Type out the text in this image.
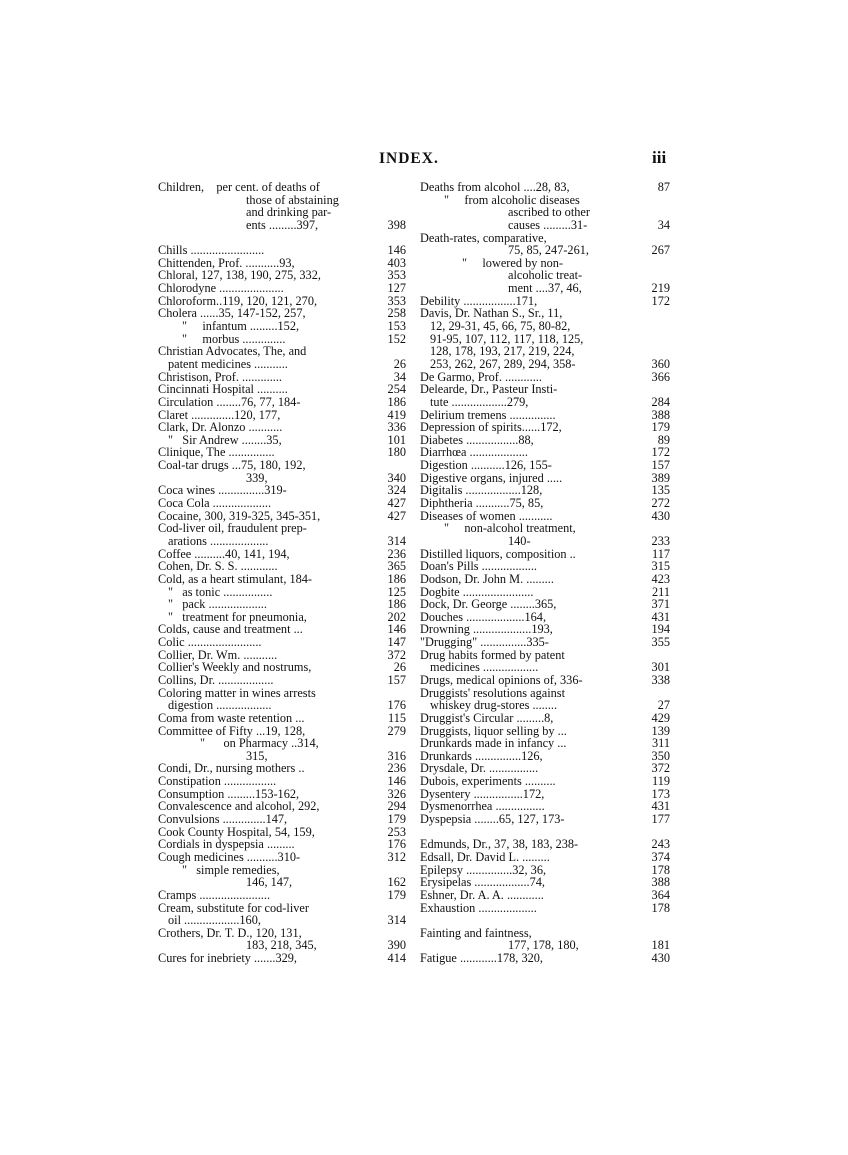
INDEX.	iii
Children,    per cent. of deaths of
those of abstaining
and drinking par-
ents .........397,	398
Chills ........................	146
Chittenden, Prof. ...........93,	403
Chloral, 127, 138, 190, 275, 332,	353
Chlorodyne .....................	127
Chloroform..119, 120, 121, 270,	353
Cholera ......35, 147-152, 257,	258
"     infantum .........152,	153
"     morbus ..............	152
Christian Advocates, The, and
patent medicines ...........	26
Christison, Prof. .............	34
Cincinnati Hospital ..........	254
Circulation ........76, 77, 184-	186
Claret ..............120, 177,	419
Clark, Dr. Alonzo ...........	336
"   Sir Andrew ........35,	101
Clinique, The ...............	180
Coal-tar drugs ...75, 180, 192,
339,	340
Coca wines ...............319-	324
Coca Cola ...................	427
Cocaine, 300, 319-325, 345-351,	427
Cod-liver oil, fraudulent prep-
arations ...................	314
Coffee ..........40, 141, 194,	236
Cohen, Dr. S. S. ............	365
Cold, as a heart stimulant, 184-	186
"   as tonic ................	125
"   pack ...................	186
"   treatment for pneumonia,	202
Colds, cause and treatment ...	146
Colic ........................	147
Collier, Dr. Wm. ...........	372
Collier's Weekly and nostrums,	26
Collins, Dr. ..................	157
Coloring matter in wines arrests
digestion ..................	176
Coma from waste retention ...	115
Committee of Fifty ...19, 128,	279
"      on Pharmacy ..314,
315,	316
Condi, Dr., nursing mothers ..	236
Constipation .................	146
Consumption .........153-162,	326
Convalescence and alcohol, 292,	294
Convulsions ..............147,	179
Cook County Hospital, 54, 159,	253
Cordials in dyspepsia .........	176
Cough medicines ..........310-	312
"   simple remedies,
146, 147,	162
Cramps .......................	179
Cream, substitute for cod-liver
oil ..................160,	314
Crothers, Dr. T. D., 120, 131,
183, 218, 345,	390
Cures for inebriety .......329,	414
Deaths from alcohol ....28, 83,	87
"     from alcoholic diseases
ascribed to other
causes .........31-	34
Death-rates, comparative,
75, 85, 247-261,	267
"     lowered by non-
alcoholic treat-
ment ....37, 46,	219
Debility .................171,	172
Davis, Dr. Nathan S., Sr., 11,
12, 29-31, 45, 66, 75, 80-82,
91-95, 107, 112, 117, 118, 125,
128, 178, 193, 217, 219, 224,
253, 262, 267, 289, 294, 358-	360
De Garmo, Prof. ............	366
Delearde, Dr., Pasteur Insti-
tute ..................279,	284
Delirium tremens ...............	388
Depression of spirits......172,	179
Diabetes .................88,	89
Diarrhœa ...................	172
Digestion ...........126, 155-	157
Digestive organs, injured .....	389
Digitalis ..................128,	135
Diphtheria ...........75, 85,	272
Diseases of women ...........	430
"     non-alcohol treatment,
140-	233
Distilled liquors, composition ..	117
Doan's Pills ..................	315
Dodson, Dr. John M. .........	423
Dogbite .......................	211
Dock, Dr. George ........365,	371
Douches ...................164,	431
Drowning ...................193,	194
"Drugging" ...............335-	355
Drug habits formed by patent
medicines ..................	301
Drugs, medical opinions of, 336-	338
Druggists' resolutions against
whiskey drug-stores ........	27
Druggist's Circular .........8,	429
Druggists, liquor selling by ...	139
Drunkards made in infancy ...	311
Drunkards ...............126,	350
Drysdale, Dr. ................	372
Dubois, experiments ..........	119
Dysentery ................172,	173
Dysmenorrhea ................	431
Dyspepsia ........65, 127, 173-	177
Edmunds, Dr., 37, 38, 183, 238-	243
Edsall, Dr. David L. .........	374
Epilepsy ...............32, 36,	178
Erysipelas ..................74,	388
Eshner, Dr. A. A. ............	364
Exhaustion ...................	178
Fainting and faintness,
177, 178, 180,	181
Fatigue ............178, 320,	430
